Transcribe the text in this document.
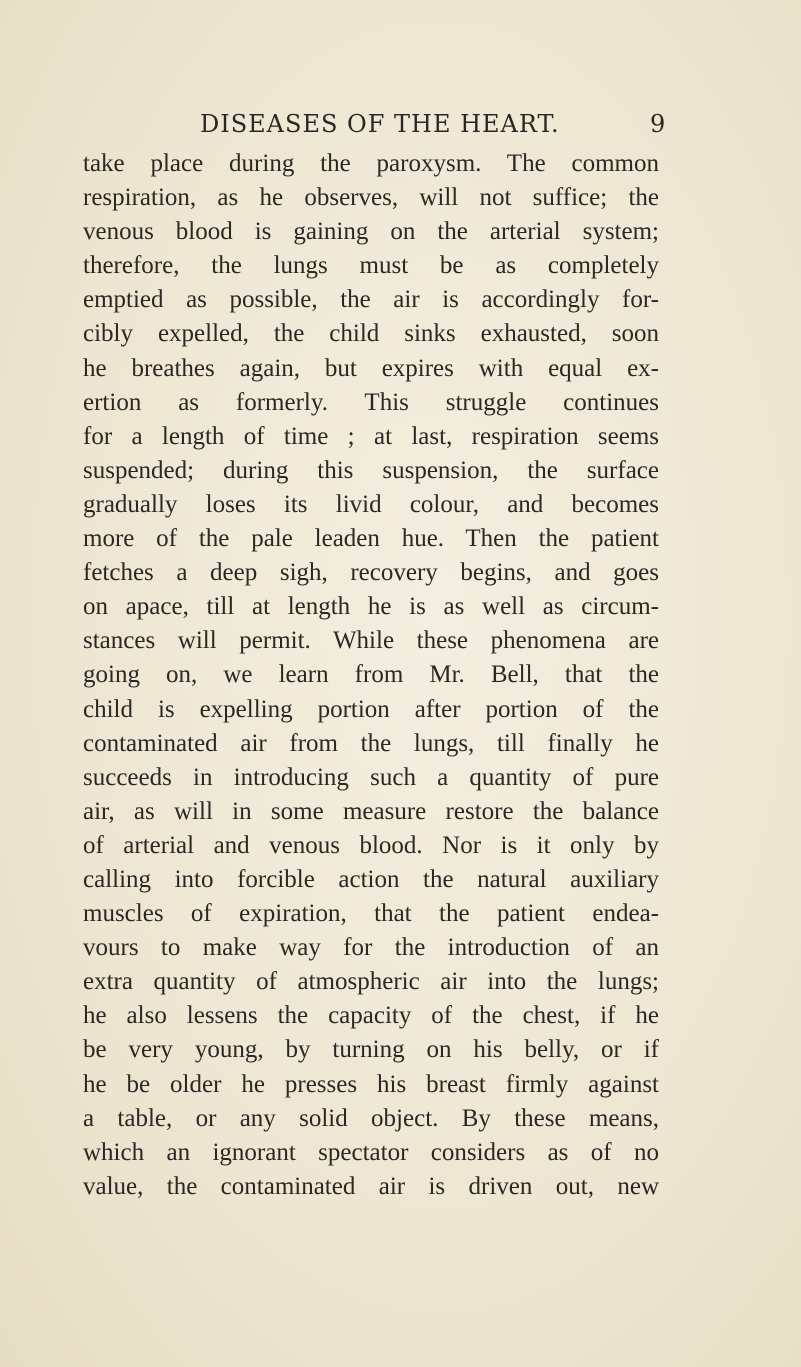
DISEASES OF THE HEART.	9
take place during the paroxysm. The common
respiration, as he observes, will not suffice; the
venous blood is gaining on the arterial system;
therefore, the lungs must be as completely
emptied as possible, the air is accordingly for-
cibly expelled, the child sinks exhausted, soon
he breathes again, but expires with equal ex-
ertion as formerly. This struggle continues
for a length of time ; at last, respiration seems
suspended; during this suspension, the surface
gradually loses its livid colour, and becomes
more of the pale leaden hue. Then the patient
fetches a deep sigh, recovery begins, and goes
on apace, till at length he is as well as circum-
stances will permit. While these phenomena are
going on, we learn from Mr. Bell, that the
child is expelling portion after portion of the
contaminated air from the lungs, till finally he
succeeds in introducing such a quantity of pure
air, as will in some measure restore the balance
of arterial and venous blood. Nor is it only by
calling into forcible action the natural auxiliary
muscles of expiration, that the patient endea-
vours to make way for the introduction of an
extra quantity of atmospheric air into the lungs;
he also lessens the capacity of the chest, if he
be very young, by turning on his belly, or if
he be older he presses his breast firmly against
a table, or any solid object. By these means,
which an ignorant spectator considers as of no
value, the contaminated air is driven out, new
